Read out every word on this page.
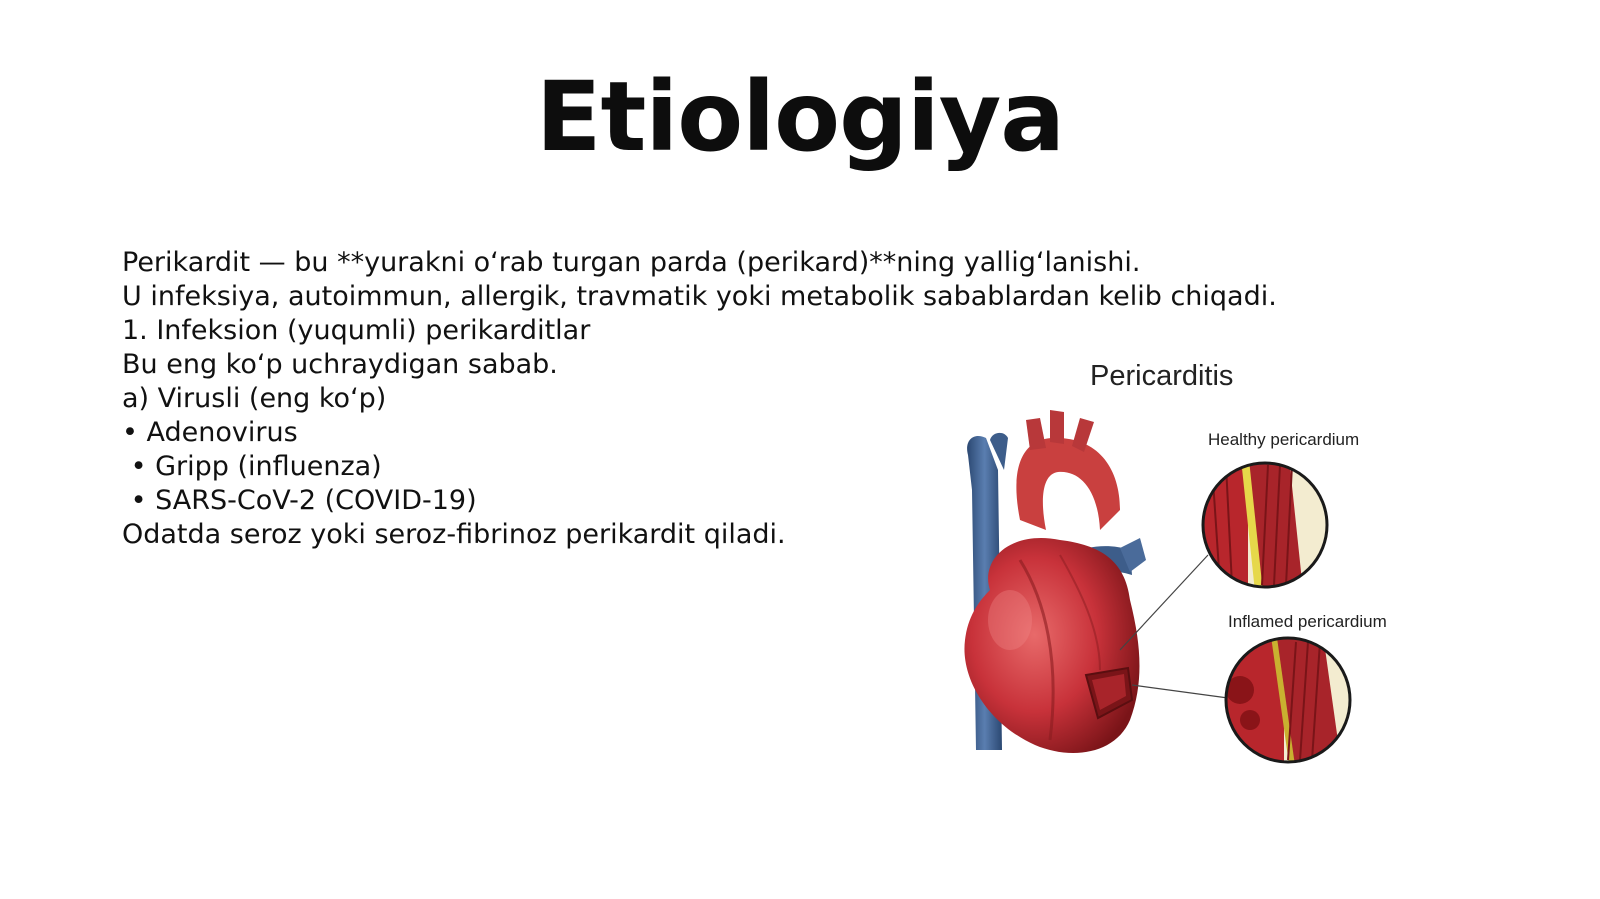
Etiologiya
Perikardit — bu **yurakni o‘rab turgan parda (perikard)**ning yallig‘lanishi.
U infeksiya, autoimmun, allergik, travmatik yoki metabolik sabablardan kelib chiqadi.
1. Infeksion (yuqumli) perikarditlar
Bu eng ko‘p uchraydigan sabab.
a) Virusli (eng ko‘p)
• Adenovirus
• Gripp (influenza)
• SARS-CoV-2 (COVID-19)
Odatda seroz yoki seroz-fibrinoz perikardit qiladi.
Pericarditis
Healthy pericardium
Inflamed pericardium
